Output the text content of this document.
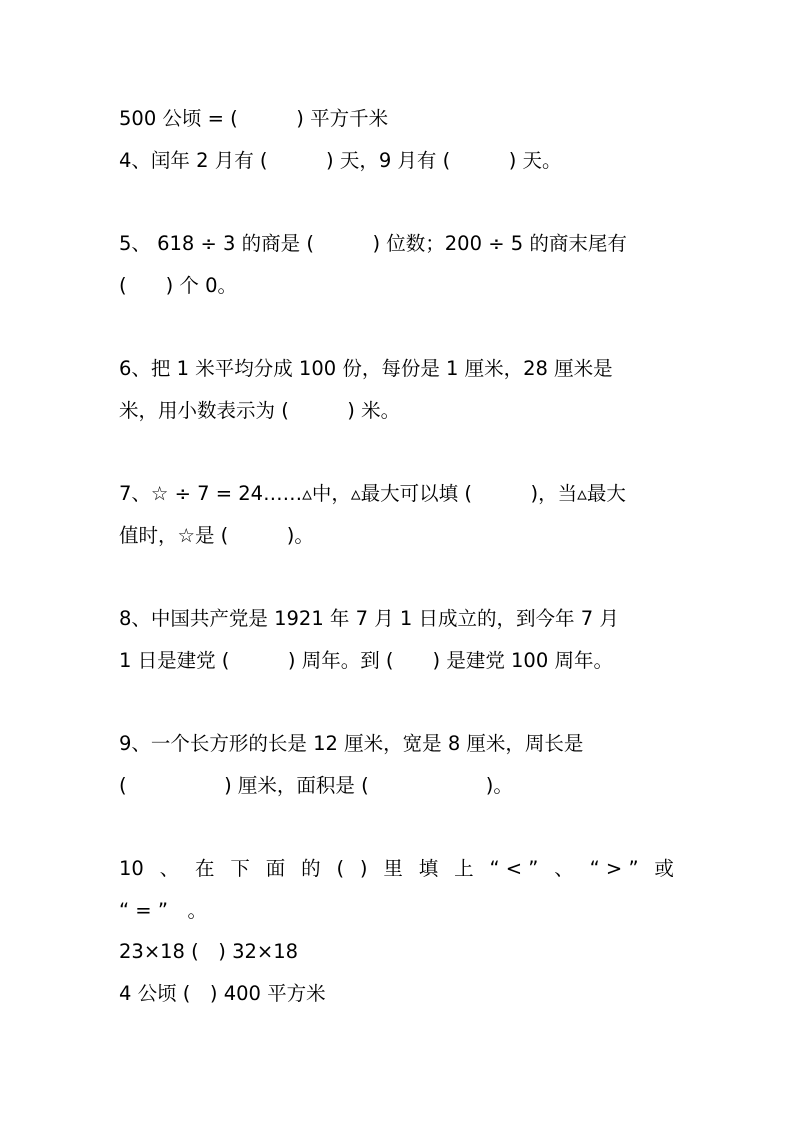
500 公顷 = (　　　) 平方千米
4、闰年 2 月有 (　　　) 天，9 月有 (　　　) 天。
5、 618 ÷ 3 的商是 (　　　) 位数；200 ÷ 5 的商末尾有
(　　) 个 0。
6、把 1 米平均分成 100 份，每份是 1 厘米，28 厘米是
米，用小数表示为 (　　　) 米。
7、☆ ÷ 7 = 24……▵中，▵最大可以填 (　　　)，当▵最大
值时，☆是 (　　　)。
8、中国共产党是 1921 年 7 月 1 日成立的，到今年 7 月
1 日是建党 (　　　) 周年。到 (　　) 是建党 100 周年。
9、一个长方形的长是 12 厘米，宽是 8 厘米，周长是
(　　　　　) 厘米，面积是 (　　　　　　)。
10 、 在 下 面 的 ( ) 里 填 上 “ < ” 、 “ > ” 或
“ = ”　。
23×18 (　) 32×18
4 公顷 (　) 400 平方米
